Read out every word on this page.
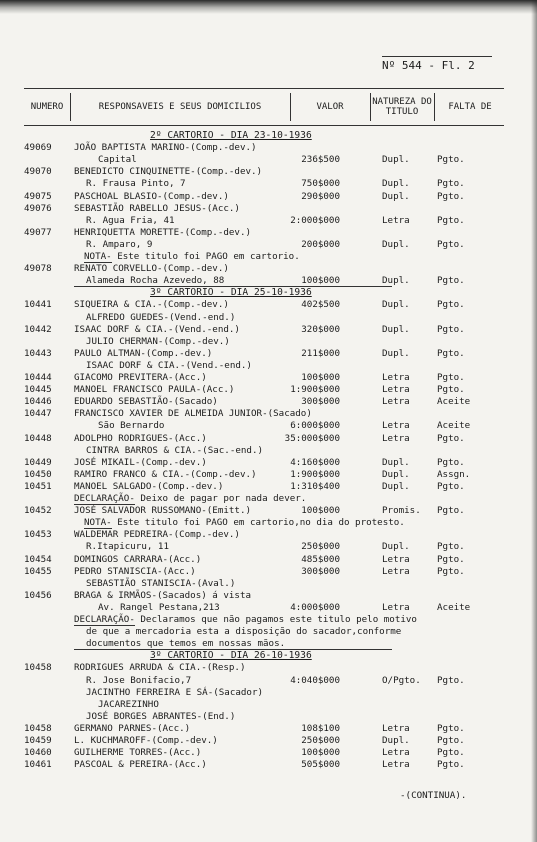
Nº 544 - Fl. 2
NUMERO	RESPONSAVEIS E SEUS DOMICILIOS	VALOR	NATUREZA DO TITULO	FALTA DE
2º CARTORIO - DIA 23-10-1936
49069 JOÃO BAPTISTA MARINO-(Comp.-dev.)
Capital	236$500	Dupl.	Pgto.
49070 BENEDICTO CINQUINETTE-(Comp.-dev.)
R. Frausa Pinto, 7	750$000	Dupl.	Pgto.
49075 PASCHOAL BLASIO-(Comp.-dev.)	290$000	Dupl.	Pgto.
49076 SEBASTIÃO RABELLO JESUS-(Acc.)
R. Agua Fria, 41	2:000$000	Letra	Pgto.
49077 HENRIQUETTA MORETTE-(Comp.-dev.)
R. Amparo, 9	200$000	Dupl.	Pgto.
NOTA- Este titulo foi PAGO em cartorio.
49078 RENATO CORVELLO-(Comp.-dev.)
Alameda Rocha Azevedo, 88	100$000	Dupl.	Pgto.
3º CARTORIO - DIA 25-10-1936
10441 SIQUEIRA & CIA.-(Comp.-dev.)	402$500	Dupl.	Pgto.
ALFREDO GUEDES-(Vend.-end.)
10442 ISAAC DORF & CIA.-(Vend.-end.)	320$000	Dupl.	Pgto.
JULIO CHERMAN-(Comp.-dev.)
10443 PAULO ALTMAN-(Comp.-dev.)	211$000	Dupl.	Pgto.
ISAAC DORF & CIA.-(Vend.-end.)
10444 GIACOMO PREVITERA-(Acc.)	100$000	Letra	Pgto.
10445 MANOEL FRANCISCO PAULA-(Acc.)	1:900$000	Letra	Pgto.
10446 EDUARDO SEBASTIÃO-(Sacado)	300$000	Letra	Aceite
10447 FRANCISCO XAVIER DE ALMEIDA JUNIOR-(Sacado)
São Bernardo	6:000$000	Letra	Aceite
10448 ADOLPHO RODRIGUES-(Acc.)	35:000$000	Letra	Pgto.
CINTRA BARROS & CIA.-(Sac.-end.)
10449 JOSÉ MIKAIL-(Comp.-dev.)	4:160$000	Dupl.	Pgto.
10450 RAMIRO FRANCO & CIA.-(Comp.-dev.)	1:900$000	Dupl.	Assgn.
10451 MANOEL SALGADO-(Comp.-dev.)	1:310$400	Dupl.	Pgto.
DECLARAÇÃO- Deixo de pagar por nada dever.
10452 JOSÉ SALVADOR RUSSOMANO-(Emitt.)	100$000	Promis. Pgto.
NOTA- Este titulo foi PAGO em cartorio,no dia do protesto.
10453 WALDEMAR PEDREIRA-(Comp.-dev.)
R.Itapicuru, 11	250$000	Dupl.	Pgto.
10454 DOMINGOS CARRARA-(Acc.)	485$000	Letra	Pgto.
10455 PEDRO STANISCIA-(Acc.)	300$000	Letra	Pgto.
SEBASTIÃO STANISCIA-(Aval.)
10456 BRAGA & IRMÃOS-(Sacados) á vista
Av. Rangel Pestana,213	4:000$000	Letra	Aceite
DECLARAÇÃO- Declaramos que não pagamos este titulo pelo motivo
de que a mercadoria esta a disposição do sacador,conforme
documentos que temos em nossas mãos.
3º CARTORIO - DIA 26-10-1936
10458 RODRIGUES ARRUDA & CIA.-(Resp.)
R. Jose Bonifacio,7	4:040$000	O/Pgto. Pgto.
JACINTHO FERREIRA E SÁ-(Sacador)
JACAREZINHO
JOSÉ BORGES ABRANTES-(End.)
10458 GERMANO PARNES-(Acc.)	108$100	Letra	Pgto.
10459 L. KUCHMAROFF-(Comp.-dev.)	250$000	Dupl.	Pgto.
10460 GUILHERME TORRES-(Acc.)	100$000	Letra	Pgto.
10461 PASCOAL & PEREIRA-(Acc.)	505$000	Letra	Pgto.
-(CONTINUA).
